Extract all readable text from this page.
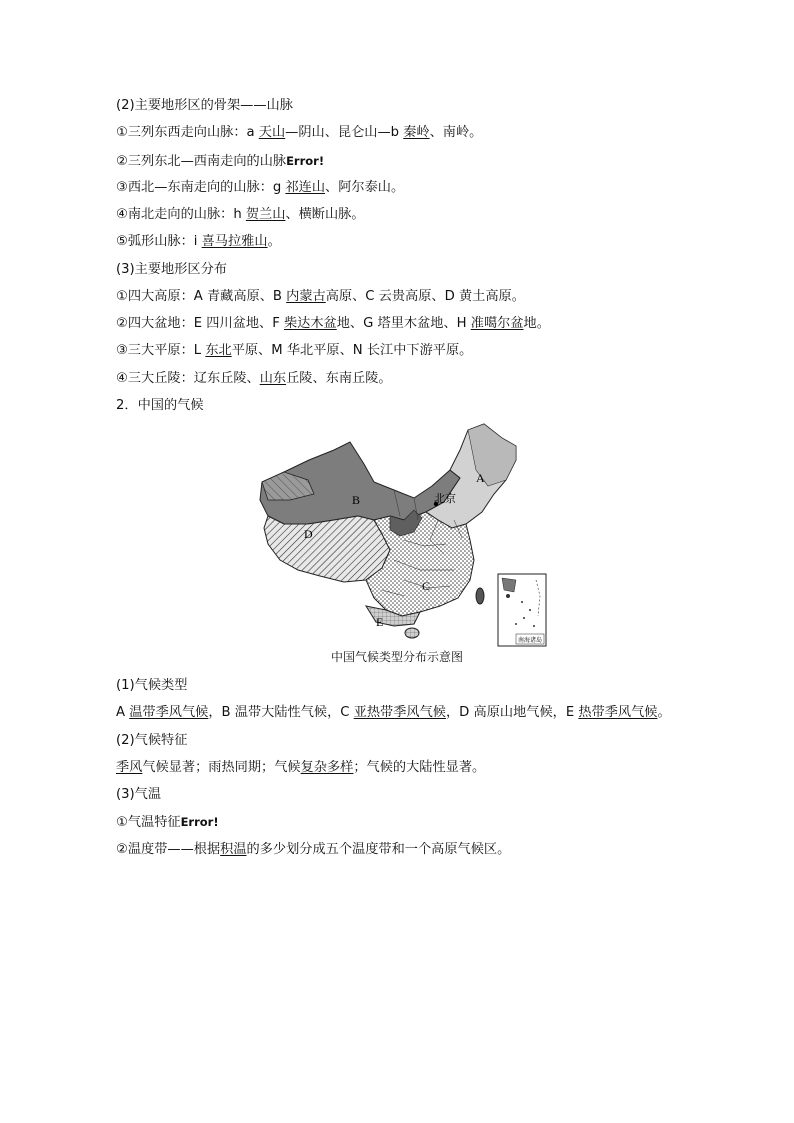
(2)主要地形区的骨架——山脉
①三列东西走向山脉：a 天山—阴山、昆仑山—b 秦岭、南岭。
②三列东北—西南走向的山脉Error!
③西北—东南走向的山脉：g 祁连山、阿尔泰山。
④南北走向的山脉：h 贺兰山、横断山脉。
⑤弧形山脉：i 喜马拉雅山。
(3)主要地形区分布
①四大高原：A 青藏高原、B 内蒙古高原、C 云贵高原、D 黄土高原。
②四大盆地：E 四川盆地、F 柴达木盆地、G 塔里木盆地、H 准噶尔盆地。
③三大平原：L 东北平原、M 华北平原、N 长江中下游平原。
④三大丘陵：辽东丘陵、山东丘陵、东南丘陵。
2．中国的气候
A
B
C
D
E
北京
南海诸岛
中国气候类型分布示意图
(1)气候类型
A 温带季风气候，B 温带大陆性气候，C 亚热带季风气候，D 高原山地气候，E 热带季风气候。
(2)气候特征
季风气候显著；雨热同期；气候复杂多样；气候的大陆性显著。
(3)气温
①气温特征Error!
②温度带——根据积温的多少划分成五个温度带和一个高原气候区。
